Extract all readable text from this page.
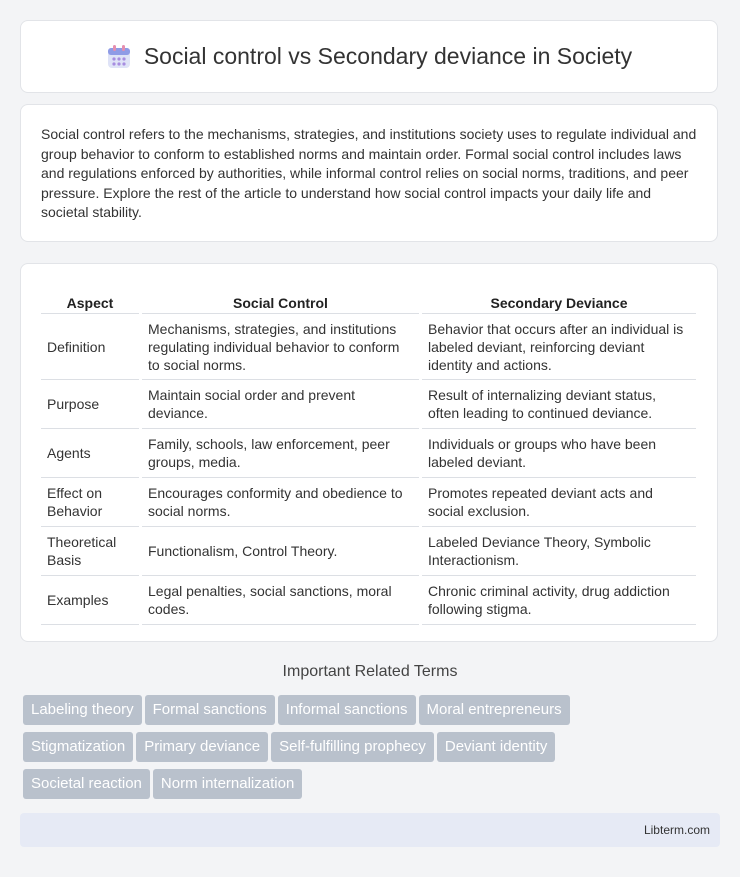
Social control vs Secondary deviance in Society

Social control refers to the mechanisms, strategies, and institutions society uses to regulate individual and group behavior to conform to established norms and maintain order. Formal social control includes laws and regulations enforced by authorities, while informal control relies on social norms, traditions, and peer pressure. Explore the rest of the article to understand how social control impacts your daily life and societal stability.

Aspect	Social Control	Secondary Deviance
Definition	Mechanisms, strategies, and institutions regulating individual behavior to conform to social norms.	Behavior that occurs after an individual is labeled deviant, reinforcing deviant identity and actions.
Purpose	Maintain social order and prevent deviance.	Result of internalizing deviant status, often leading to continued deviance.
Agents	Family, schools, law enforcement, peer groups, media.	Individuals or groups who have been labeled deviant.
Effect on Behavior	Encourages conformity and obedience to social norms.	Promotes repeated deviant acts and social exclusion.
Theoretical Basis	Functionalism, Control Theory.	Labeled Deviance Theory, Symbolic Interactionism.
Examples	Legal penalties, social sanctions, moral codes.	Chronic criminal activity, drug addiction following stigma.
Important Related Terms
Labeling theory Formal sanctions Informal sanctions Moral entrepreneurs
Stigmatization Primary deviance Self-fulfilling prophecy Deviant identity
Societal reaction Norm internalization
Libterm.com
